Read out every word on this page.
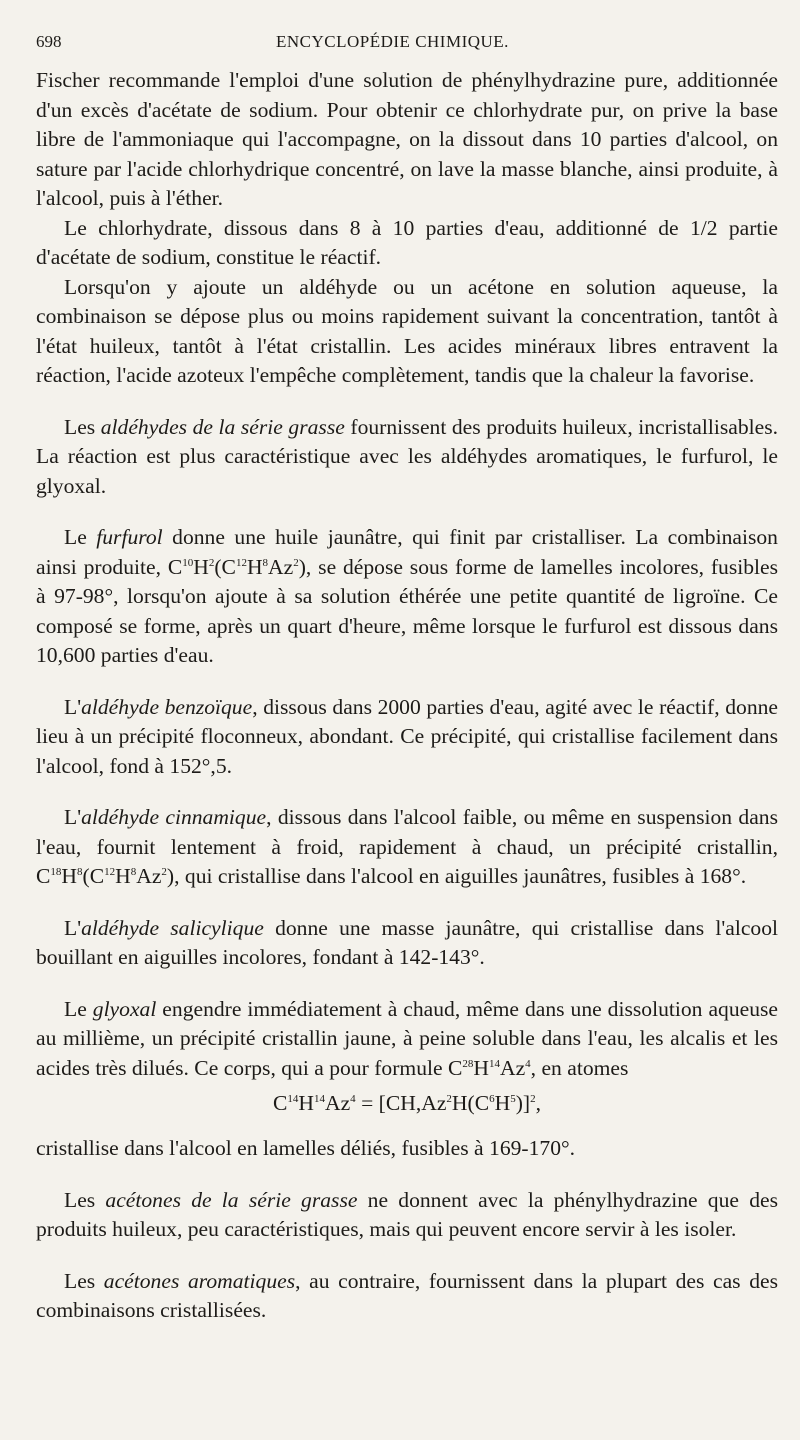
698	ENCYCLOPÉDIE CHIMIQUE.

Fischer recommande l'emploi d'une solution de phénylhydrazine pure, additionnée d'un excès d'acétate de sodium. Pour obtenir ce chlorhydrate pur, on prive la base libre de l'ammoniaque qui l'accompagne, on la dissout dans 10 parties d'alcool, on sature par l'acide chlorhydrique concentré, on lave la masse blanche, ainsi produite, à l'alcool, puis à l'éther.

Le chlorhydrate, dissous dans 8 à 10 parties d'eau, additionné de 1/2 partie d'acétate de sodium, constitue le réactif.

Lorsqu'on y ajoute un aldéhyde ou un acétone en solution aqueuse, la combinaison se dépose plus ou moins rapidement suivant la concentration, tantôt à l'état huileux, tantôt à l'état cristallin. Les acides minéraux libres entravent la réaction, l'acide azoteux l'empêche complètement, tandis que la chaleur la favorise.

Les aldéhydes de la série grasse fournissent des produits huileux, incristallisables. La réaction est plus caractéristique avec les aldéhydes aromatiques, le furfurol, le glyoxal.

Le furfurol donne une huile jaunâtre, qui finit par cristalliser. La combinaison ainsi produite, $C^{10}H^2(C^{12}H^8Az^2)$, se dépose sous forme de lamelles incolores, fusibles à 97-98°, lorsqu'on ajoute à sa solution éthérée une petite quantité de ligroïne. Ce composé se forme, après un quart d'heure, même lorsque le furfurol est dissous dans 10,600 parties d'eau.

L'aldéhyde benzoïque, dissous dans 2000 parties d'eau, agité avec le réactif, donne lieu à un précipité floconneux, abondant. Ce précipité, qui cristallise facilement dans l'alcool, fond à 152°,5.

L'aldéhyde cinnamique, dissous dans l'alcool faible, ou même en suspension dans l'eau, fournit lentement à froid, rapidement à chaud, un précipité cristallin, $C^{18}H^8(C^{12}H^8Az^2)$, qui cristallise dans l'alcool en aiguilles jaunâtres, fusibles à 168°.

L'aldéhyde salicylique donne une masse jaunâtre, qui cristallise dans l'alcool bouillant en aiguilles incolores, fondant à 142-143°.

Le glyoxal engendre immédiatement à chaud, même dans une dissolution aqueuse au millième, un précipité cristallin jaune, à peine soluble dans l'eau, les alcalis et les acides très dilués. Ce corps, qui a pour formule $C^{28}H^{14}Az^4$, en atomes

$C^{14}H^{14}Az^4 = [CH,Az^2H(C^6H^5)]^2$,

cristallise dans l'alcool en lamelles déliés, fusibles à 169-170°.

Les acétones de la série grasse ne donnent avec la phénylhydrazine que des produits huileux, peu caractéristiques, mais qui peuvent encore servir à les isoler.

Les acétones aromatiques, au contraire, fournissent dans la plupart des cas des combinaisons cristallisées.
